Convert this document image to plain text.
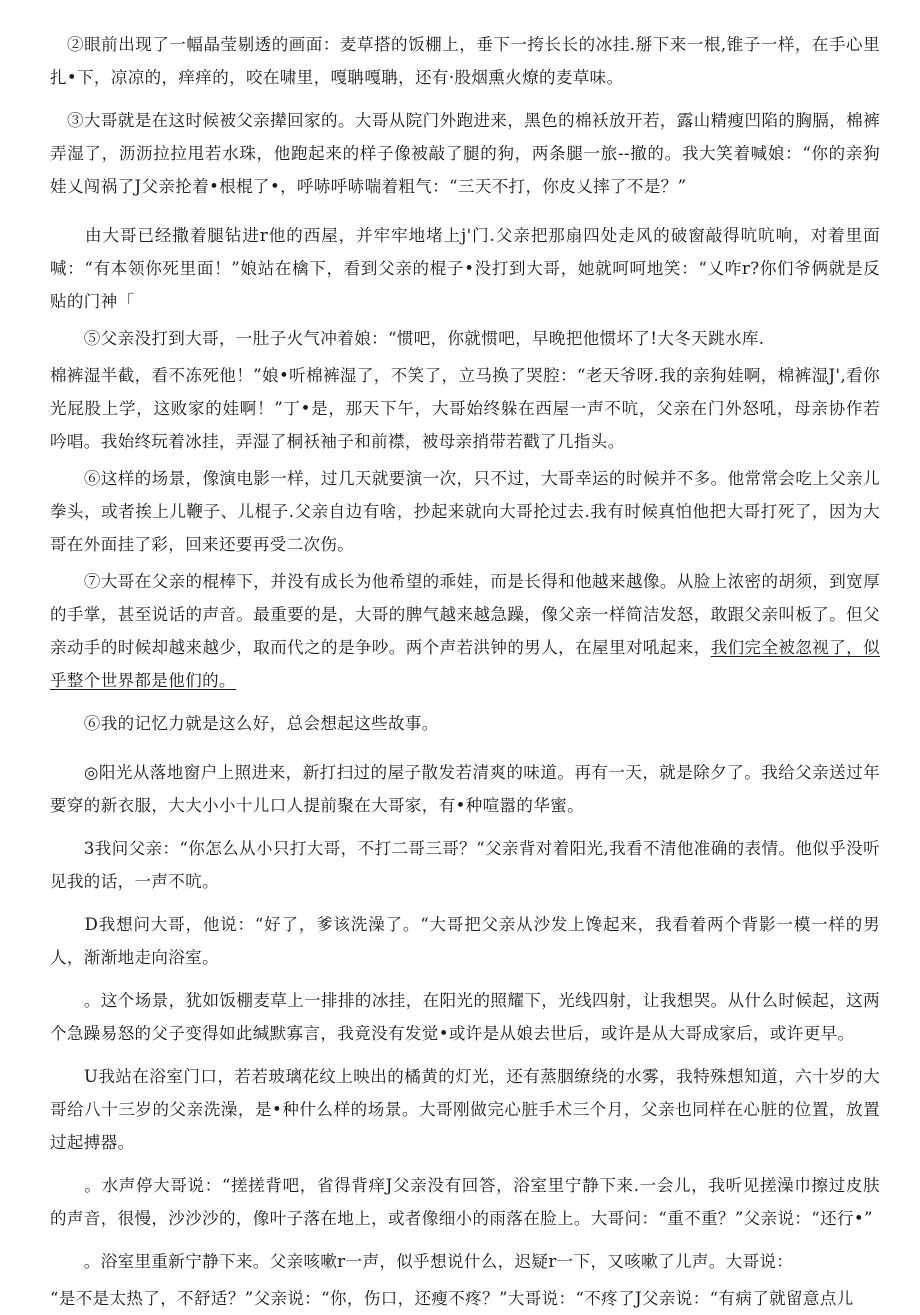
　②眼前出现了一幅晶莹剔透的画面：麦草搭的饭棚上，垂下一挎长长的冰挂.掰下来一根,锥子一样，在手心里扎•下，凉凉的，痒痒的，咬在啸里，嘎聃嘎聃，还有·股烟熏火燎的麦草味。

　③大哥就是在这时候被父亲撵回家的。大哥从院门外跑进来，黑色的棉袄放开若，露山精瘦凹陷的胸膈，棉裤弄湿了，沥沥拉拉甩若水珠，他跑起来的样子像被敲了腿的狗，两条腿一旅--撤的。我大笑着喊娘：“你的亲狗娃乂闯祸了J父亲抡着•根棍了•，呼哧呼哧喘着粗气：“三天不打，你皮乂摔了不是？”

　　由大哥已经撒着腿钻进r他的西屋，并牢牢地堵上j'门.父亲把那扇四处走风的破窗敲得吭吭响，对着里面喊：“有本领你死里面！”娘站在檎下，看到父亲的棍子•没打到大哥，她就呵呵地笑：“乂咋r?你们爷俩就是反贴的门神「

　　⑤父亲没打到大哥，一肚子火气冲着娘：“惯吧，你就惯吧，早晚把他惯坏了!大冬天跳水库.

棉裤湿半截，看不冻死他！”娘•听棉裤湿了，不笑了，立马换了哭腔：“老天爷呀.我的亲狗娃啊，棉裤湿J',看你光屁股上学，这败家的娃啊！”丁•是，那天下午，大哥始终躲在西屋一声不吭，父亲在门外怒吼，母亲协作若吟唱。我始终玩着冰挂，弄湿了桐袄袖子和前襟，被母亲捎带若戳了几指头。

　　⑥这样的场景，像演电影一样，过几天就要演一次，只不过，大哥幸运的时候并不多。他常常会吃上父亲儿拳头，或者挨上儿鞭子、儿棍子.父亲自边有啥，抄起来就向大哥抡过去.我有时候真怕他把大哥打死了，因为大哥在外面挂了彩，回来还要再受二次伤。

　　⑦大哥在父亲的棍棒下，并没有成长为他希望的乖娃，而是长得和他越来越像。从脸上浓密的胡须，到宽厚的手掌，甚至说话的声音。最重要的是，大哥的脾气越来越急躁，像父亲一样简洁发怒，敢跟父亲叫板了。但父亲动手的时候却越来越少，取而代之的是争吵。两个声若洪钟的男人，在屋里对吼起来，我们完全被忽视了，似乎整个世界都是他们的。

　　⑥我的记忆力就是这么好，总会想起这些故事。

　　◎阳光从落地窗户上照进来，新打扫过的屋子散发若清爽的味道。再有一天，就是除夕了。我给父亲送过年要穿的新衣服，大大小小十儿口人提前聚在大哥家，有•种喧嚣的华蜜。

　　3我问父亲：“你怎么从小只打大哥，不打二哥三哥？“父亲背对着阳光,我看不清他准确的表情。他似乎没听见我的话，一声不吭。

　　D我想问大哥，他说：“好了，爹该洗澡了。“大哥把父亲从沙发上馋起来，我看着两个背影一模一样的男人，渐渐地走向浴室。

　　。这个场景，犹如饭棚麦草上一排排的冰挂，在阳光的照耀下，光线四射，让我想哭。从什么时候起，这两个急躁易怒的父子变得如此缄默寡言，我竟没有发觉•或许是从娘去世后，或许是从大哥成家后，或许更早。

　　U我站在浴室门口，若若玻璃花纹上映出的橘黄的灯光，还有蒸胭缭绕的水雾，我特殊想知道，六十岁的大哥给八十三岁的父亲洗澡，是•种什么样的场景。大哥刚做完心脏手术三个月，父亲也同样在心脏的位置，放置过起搏器。

　　。水声停大哥说：“搓搓背吧，省得背痒J父亲没有回答，浴室里宁静下来.一会儿，我听见搓澡巾擦过皮肤的声音，很慢，沙沙沙的，像叶子落在地上，或者像细小的雨落在脸上。大哥问：“重不重？”父亲说：“还行•”

　　。浴室里重新宁静下来。父亲咳嗽r一声，似乎想说什么，迟疑r一下，又咳嗽了儿声。大哥说：

“是不是太热了，不舒适？”父亲说：“你，伤口，还瘦不疼？”大哥说：“不疼了J父亲说：“有病了就留意点儿
